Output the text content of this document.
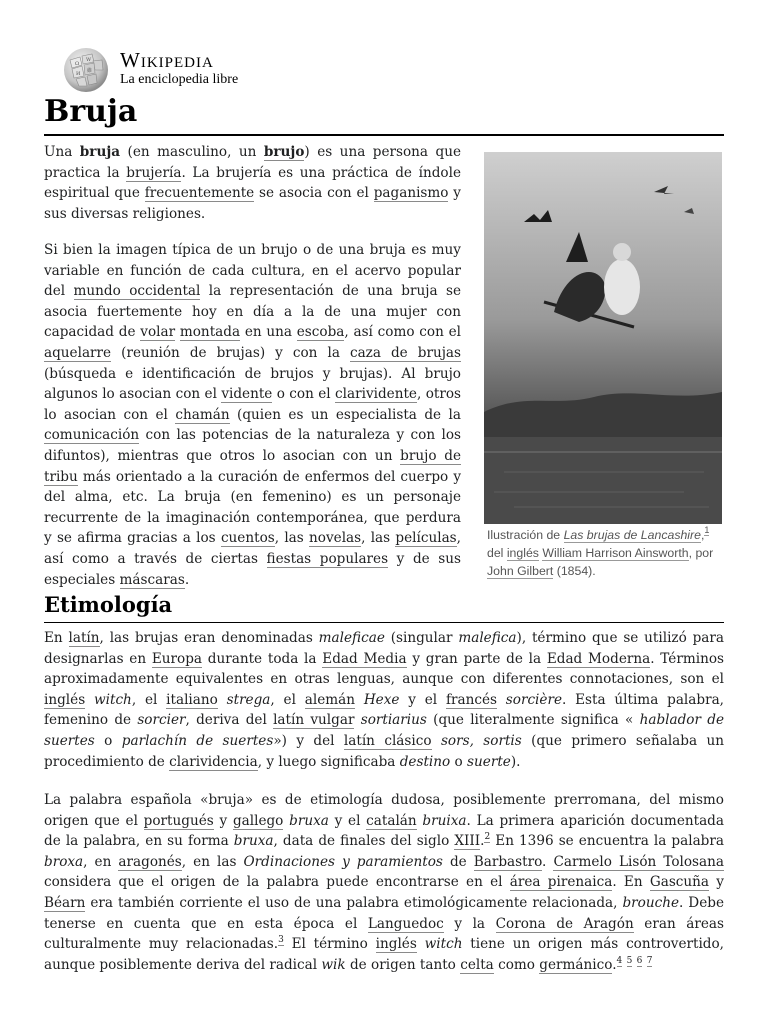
Ω
W
維
И
Wikipedia
La enciclopedia libre
Bruja

Una bruja (en masculino, un brujo) es una persona que practica la brujería. La brujería es una práctica de índole espiritual que frecuentemente se asocia con el paganismo y sus diversas religiones.

Si bien la imagen típica de un brujo o de una bruja es muy variable en función de cada cultura, en el acervo popular del mundo occidental la representación de una bruja se asocia fuertemente hoy en día a la de una mujer con capacidad de volar montada en una escoba, así como con el aquelarre (reunión de brujas) y con la caza de brujas (búsqueda e identificación de brujos y brujas). Al brujo algunos lo asocian con el vidente o con el clarividente, otros lo asocian con el chamán (quien es un especialista de la comunicación con las potencias de la naturaleza y con los difuntos), mientras que otros lo asocian con un brujo de tribu más orientado a la curación de enfermos del cuerpo y del alma, etc. La bruja (en femenino) es un personaje recurrente de la imaginación contemporánea, que perdura y se afirma gracias a los cuentos, las novelas, las películas, así como a través de ciertas fiestas populares y de sus especiales máscaras.

Ilustración de Las brujas de Lancashire,$^1$ del inglés William Harrison Ainsworth, por John Gilbert (1854).
Etimología

En latín, las brujas eran denominadas maleficae (singular malefica), término que se utilizó para designarlas en Europa durante toda la Edad Media y gran parte de la Edad Moderna. Términos aproximadamente equivalentes en otras lenguas, aunque con diferentes connotaciones, son el inglés witch, el italiano strega, el alemán Hexe y el francés sorcière. Esta última palabra, femenino de sorcier, deriva del latín vulgar sortiarius (que literalmente significa « hablador de suertes o parlachín de suertes») y del latín clásico sors, sortis (que primero señalaba un procedimiento de clarividencia, y luego significaba destino o suerte).

La palabra española «bruja» es de etimología dudosa, posiblemente prerromana, del mismo origen que el portugués y gallego bruxa y el catalán bruixa. La primera aparición documentada de la palabra, en su forma bruxa, data de finales del siglo XIII.$^2$ En 1396 se encuentra la palabra broxa, en aragonés, en las Ordinaciones y paramientos de Barbastro. Carmelo Lisón Tolosana considera que el origen de la palabra puede encontrarse en el área pirenaica. En Gascuña y Béarn era también corriente el uso de una palabra etimológicamente relacionada, brouche. Debe tenerse en cuenta que en esta época el Languedoc y la Corona de Aragón eran áreas culturalmente muy relacionadas.$^3$ El término inglés witch tiene un origen más controvertido, aunque posiblemente deriva del radical wik de origen tanto celta como germánico.$^4$ $^5$ $^6$ $^7$
